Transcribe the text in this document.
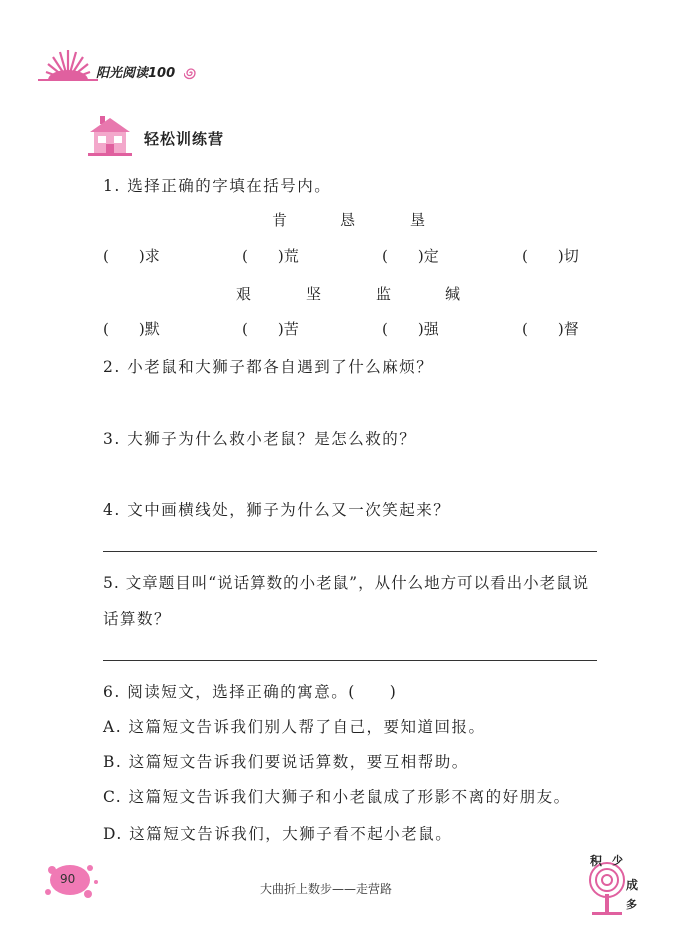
阳光阅读100
轻松训练营
1. 选择正确的字填在括号内。
肯	恳	垦
(　　)求	(　　)荒	(　　)定	(　　)切
艰	坚	监	缄
(　　)默	(　　)苦	(　　)强	(　　)督
2. 小老鼠和大狮子都各自遇到了什么麻烦？
3. 大狮子为什么救小老鼠？是怎么救的？
4. 文中画横线处，狮子为什么又一次笑起来？
5. 文章题目叫“说话算数的小老鼠”，从什么地方可以看出小老鼠说
话算数？
6. 阅读短文，选择正确的寓意。(　　)
A. 这篇短文告诉我们别人帮了自己，要知道回报。
B. 这篇短文告诉我们要说话算数，要互相帮助。
C. 这篇短文告诉我们大狮子和小老鼠成了形影不离的好朋友。
D. 这篇短文告诉我们，大狮子看不起小老鼠。
90
大曲折上数步——走营路
积 少
成
多
